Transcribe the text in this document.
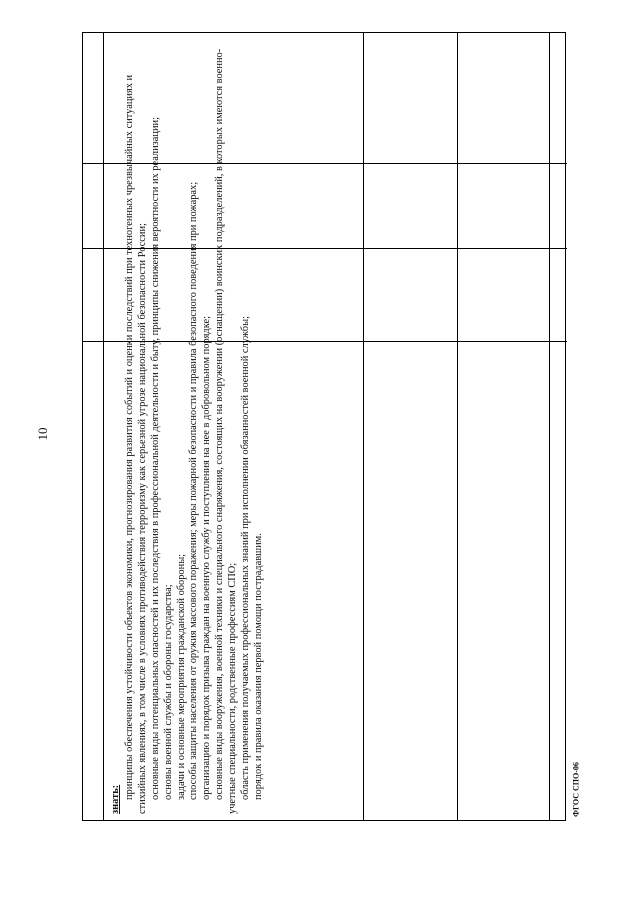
10
знать: принципы обеспечения устойчивости объектов экономики, прогнозирования развития событий и оценки последствий при техногенных чрезвычайных ситуациях и стихийных явлениях, в том числе в условиях противодействия терроризму как серьезной угрозе национальной безопасности России; основные виды потенциальных опасностей и их последствия в профессиональной деятельности и быту, принципы снижения вероятности их реализации; основы военной службы и обороны государства; задачи и основные мероприятия гражданской обороны; способы защиты населения от оружия массового поражения; меры пожарной безопасности и правила безопасного поведения при пожарах; организацию и порядок призыва граждан на военную службу и поступления на нее в добровольном порядке; основные виды вооружения, военной техники и специального снаряжения, состоящих на вооружении (оснащении) воинских подразделений, в которых имеются военно-учетные специальности, родственные профессиям СПО; область применения получаемых профессиональных знаний при исполнении обязанностей военной службы; порядок и правила оказания первой помощи пострадавшим.	ФГОС СПО-06
